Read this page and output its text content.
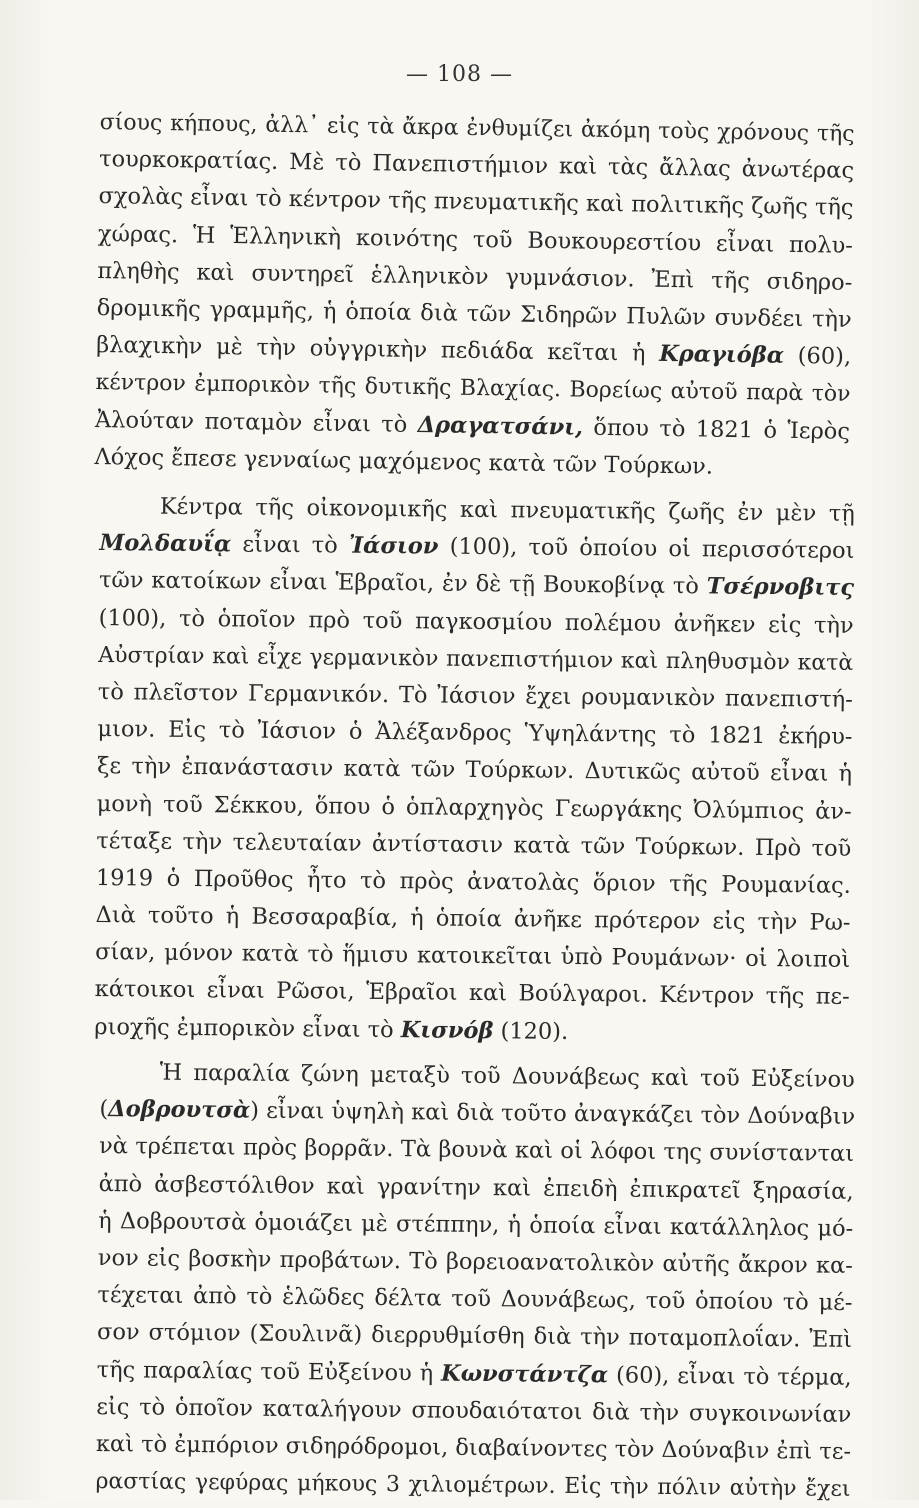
— 108 —
σίους κήπους, ἀλλ᾽ εἰς τὰ ἄκρα ἐνθυμίζει ἀκόμη τοὺς χρόνους τῆς
τουρκοκρατίας. Μὲ τὸ Πανεπιστήμιον καὶ τὰς ἄλλας ἀνωτέρας
σχολὰς εἶναι τὸ κέντρον τῆς πνευματικῆς καὶ πολιτικῆς ζωῆς τῆς
χώρας. Ἡ Ἑλληνικὴ κοινότης τοῦ Βουκουρεστίου εἶναι πολυ-
πληθὴς καὶ συντηρεῖ ἑλληνικὸν γυμνάσιον. Ἐπὶ τῆς σιδηρο-
δρομικῆς γραμμῆς, ἡ ὁποία διὰ τῶν Σιδηρῶν Πυλῶν συνδέει τὴν
βλαχικὴν μὲ τὴν οὐγγρικὴν πεδιάδα κεῖται ἡ Κραγιόβα (60),
κέντρον ἐμπορικὸν τῆς δυτικῆς Βλαχίας. Βορείως αὐτοῦ παρὰ τὸν
Ἀλούταν ποταμὸν εἶναι τὸ Δραγατσάνι, ὅπου τὸ 1821 ὁ Ἱερὸς
Λόχος ἔπεσε γενναίως μαχόμενος κατὰ τῶν Τούρκων.
Κέντρα τῆς οἰκονομικῆς καὶ πνευματικῆς ζωῆς ἐν μὲν τῇ
Μολδαυΐᾳ εἶναι τὸ Ἰάσιον (100), τοῦ ὁποίου οἱ περισσότεροι
τῶν κατοίκων εἶναι Ἑβραῖοι, ἐν δὲ τῇ Βουκοβίνᾳ τὸ Τσέρνοβιτς
(100), τὸ ὁποῖον πρὸ τοῦ παγκοσμίου πολέμου ἀνῆκεν εἰς τὴν
Αὐστρίαν καὶ εἶχε γερμανικὸν πανεπιστήμιον καὶ πληθυσμὸν κατὰ
τὸ πλεῖστον Γερμανικόν. Τὸ Ἰάσιον ἔχει ρουμανικὸν πανεπιστή-
μιον. Εἰς τὸ Ἰάσιον ὁ Ἀλέξανδρος Ὑψηλάντης τὸ 1821 ἐκήρυ-
ξε τὴν ἐπανάστασιν κατὰ τῶν Τούρκων. Δυτικῶς αὐτοῦ εἶναι ἡ
μονὴ τοῦ Σέκκου, ὅπου ὁ ὁπλαρχηγὸς Γεωργάκης Ὀλύμπιος ἀν-
τέταξε τὴν τελευταίαν ἀντίστασιν κατὰ τῶν Τούρκων. Πρὸ τοῦ
1919 ὁ Προῦθος ἦτο τὸ πρὸς ἀνατολὰς ὅριον τῆς Ρουμανίας.
Διὰ τοῦτο ἡ Βεσσαραβία, ἡ ὁποία ἀνῆκε πρότερον εἰς τὴν Ρω-
σίαν, μόνον κατὰ τὸ ἥμισυ κατοικεῖται ὑπὸ Ρουμάνων· οἱ λοιποὶ
κάτοικοι εἶναι Ρῶσοι, Ἑβραῖοι καὶ Βούλγαροι. Κέντρον τῆς πε-
ριοχῆς ἐμπορικὸν εἶναι τὸ Κισνόβ (120).
Ἡ παραλία ζώνη μεταξὺ τοῦ Δουνάβεως καὶ τοῦ Εὐξείνου
(Δοβρουτσὰ) εἶναι ὑψηλὴ καὶ διὰ τοῦτο ἀναγκάζει τὸν Δούναβιν
νὰ τρέπεται πρὸς βορρᾶν. Τὰ βουνὰ καὶ οἱ λόφοι της συνίστανται
ἀπὸ ἀσβεστόλιθον καὶ γρανίτην καὶ ἐπειδὴ ἐπικρατεῖ ξηρασία,
ἡ Δοβρουτσὰ ὁμοιάζει μὲ στέππην, ἡ ὁποία εἶναι κατάλληλος μό-
νον εἰς βοσκὴν προβάτων. Τὸ βορειοανατολικὸν αὐτῆς ἄκρον κα-
τέχεται ἀπὸ τὸ ἑλῶδες δέλτα τοῦ Δουνάβεως, τοῦ ὁποίου τὸ μέ-
σον στόμιον (Σουλινᾶ) διερρυθμίσθη διὰ τὴν ποταμοπλοΐαν. Ἐπὶ
τῆς παραλίας τοῦ Εὐξείνου ἡ Κωνστάντζα (60), εἶναι τὸ τέρμα,
εἰς τὸ ὁποῖον καταλήγουν σπουδαιότατοι διὰ τὴν συγκοινωνίαν
καὶ τὸ ἐμπόριον σιδηρόδρομοι, διαβαίνοντες τὸν Δούναβιν ἐπὶ τε-
ραστίας γεφύρας μήκους 3 χιλιομέτρων. Εἰς τὴν πόλιν αὐτὴν ἔχει
